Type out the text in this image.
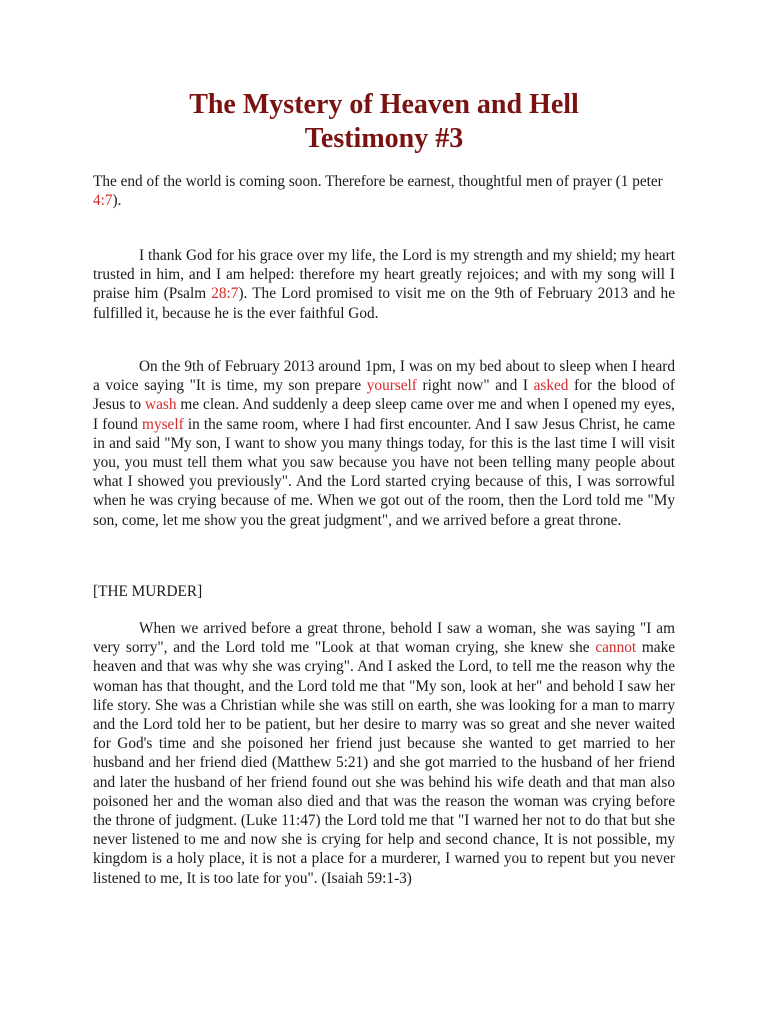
The Mystery of Heaven and Hell
Testimony #3

The end of the world is coming soon. Therefore be earnest, thoughtful men of prayer (1 peter 4:7).

I thank God for his grace over my life, the Lord is my strength and my shield; my heart trusted in him, and I am helped: therefore my heart greatly rejoices; and with my song will I praise him (Psalm 28:7). The Lord promised to visit me on the 9th of February 2013 and he fulfilled it, because he is the ever faithful God.

On the 9th of February 2013 around 1pm, I was on my bed about to sleep when I heard a voice saying "It is time, my son prepare yourself right now" and I asked for the blood of Jesus to wash me clean. And suddenly a deep sleep came over me and when I opened my eyes, I found myself in the same room, where I had first encounter. And I saw Jesus Christ, he came in and said "My son, I want to show you many things today, for this is the last time I will visit you, you must tell them what you saw because you have not been telling many people about what I showed you previously". And the Lord started crying because of this, I was sorrowful when he was crying because of me. When we got out of the room, then the Lord told me "My son, come, let me show you the great judgment", and we arrived before a great throne.

[THE MURDER]

When we arrived before a great throne, behold I saw a woman, she was saying "I am very sorry", and the Lord told me "Look at that woman crying, she knew she cannot make heaven and that was why she was crying". And I asked the Lord, to tell me the reason why the woman has that thought, and the Lord told me that "My son, look at her" and behold I saw her life story. She was a Christian while she was still on earth, she was looking for a man to marry and the Lord told her to be patient, but her desire to marry was so great and she never waited for God's time and she poisoned her friend just because she wanted to get married to her husband and her friend died (Matthew 5:21) and she got married to the husband of her friend and later the husband of her friend found out she was behind his wife death and that man also poisoned her and the woman also died and that was the reason the woman was crying before the throne of judgment. (Luke 11:47) the Lord told me that "I warned her not to do that but she never listened to me and now she is crying for help and second chance, It is not possible, my kingdom is a holy place, it is not a place for a murderer, I warned you to repent but you never listened to me, It is too late for you". (Isaiah 59:1-3)
